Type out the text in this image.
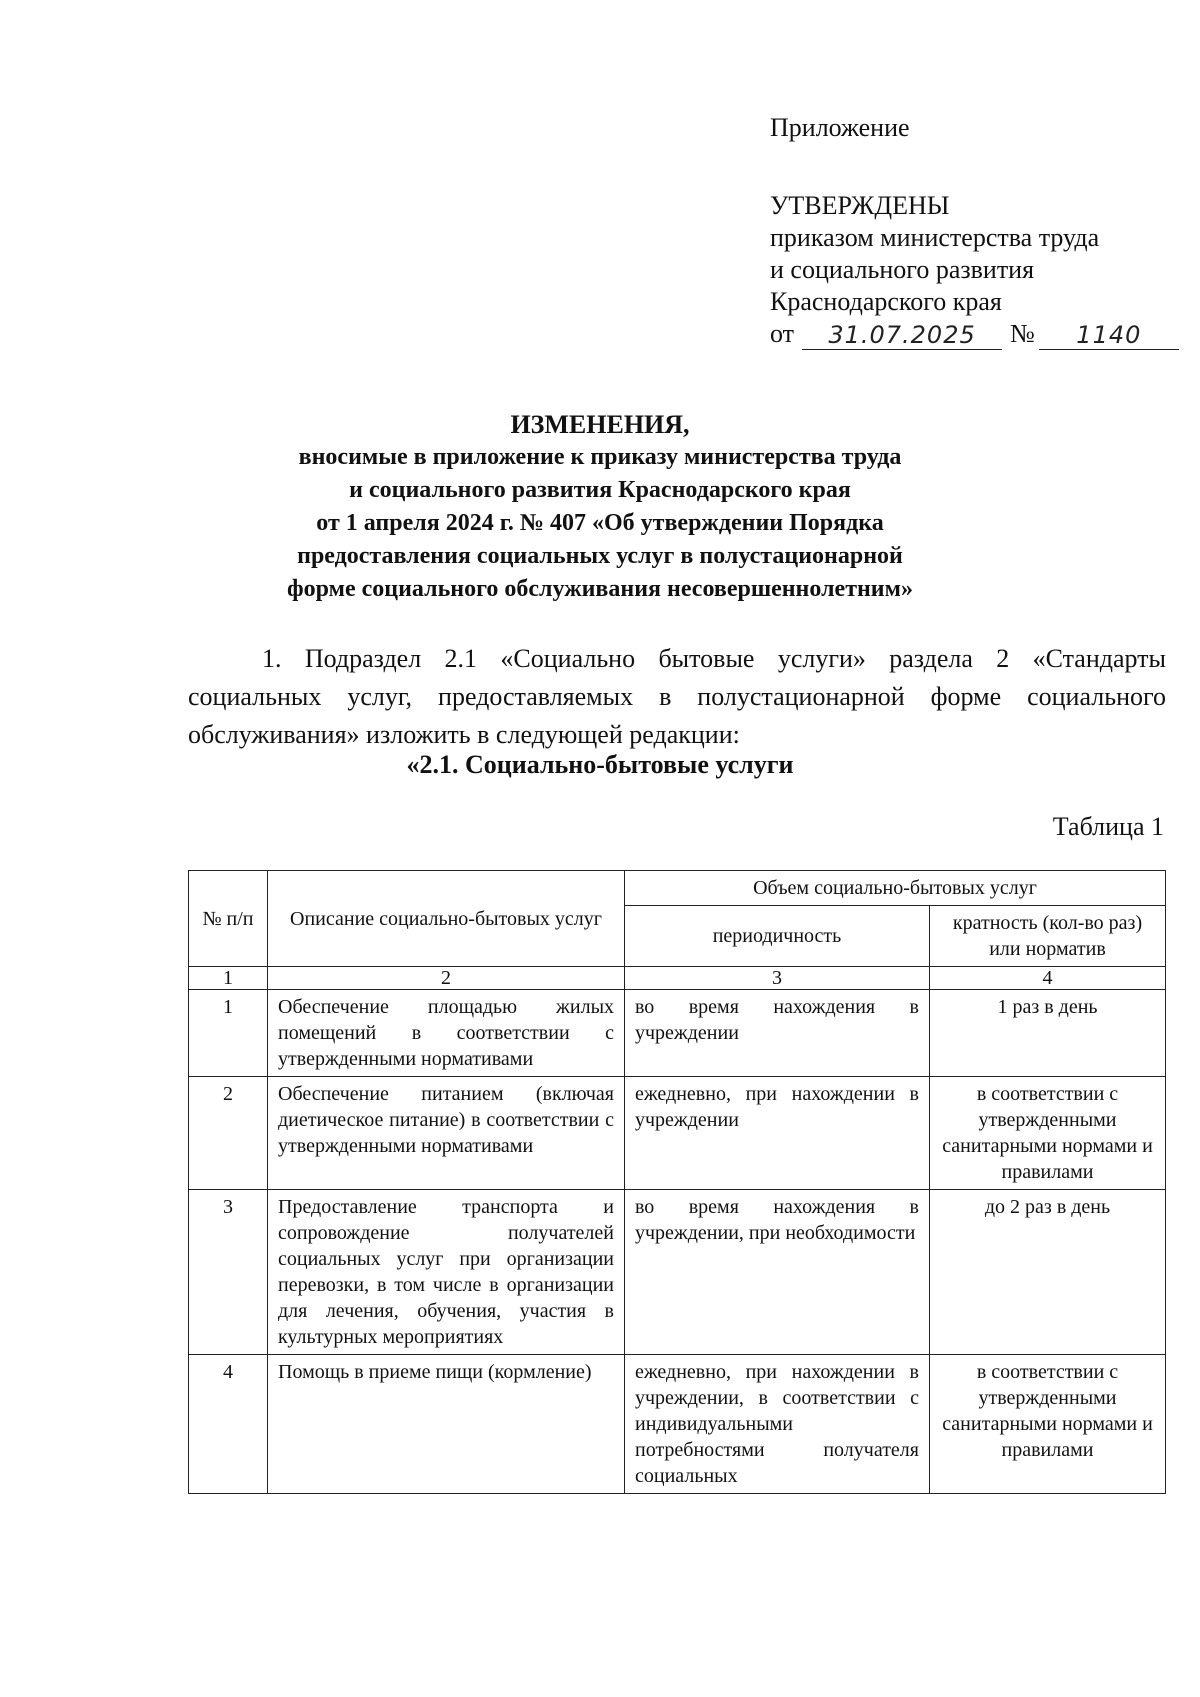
Приложение
УТВЕРЖДЕНЫ
приказом министерства труда
и социального развития
Краснодарского края
от	31.07.2025	№	1140
ИЗМЕНЕНИЯ,
вносимые в приложение к приказу министерства труда
и социального развития Краснодарского края
от 1 апреля 2024 г. № 407 «Об утверждении Порядка
предоставления социальных услуг в полустационарной
форме социального обслуживания несовершеннолетним»

1. Подраздел 2.1 «Социально бытовые услуги» раздела 2 «Стандарты социальных услуг, предоставляемых в полустационарной форме социального обслуживания» изложить в следующей редакции:

«2.1. Социально-бытовые услуги
Таблица 1
№ п/п	Описание социально-бытовых услуг	Объем социально-бытовых услуг	
		периодичность	кратность (кол-во раз) или норматив
1	2	3	4
1	Обеспечение площадью жилых помещений в соответствии с утвержденными нормативами	во время нахождения в учреждении	1 раз в день
2	Обеспечение питанием (включая диетическое питание) в соответствии с утвержденными нормативами	ежедневно, при нахождении в учреждении	в соответствии с утвержденными санитарными нормами и правилами
3	Предоставление транспорта и сопровождение получателей социальных услуг при организации перевозки, в том числе в организации для лечения, обучения, участия в культурных мероприятиях	во время нахождения в учреждении, при необходимости	до 2 раз в день
4	Помощь в приеме пищи (кормление)	ежедневно, при нахождении в учреждении, в соответствии с индивидуальными потребностями получателя социальных	в соответствии с утвержденными санитарными нормами и правилами
